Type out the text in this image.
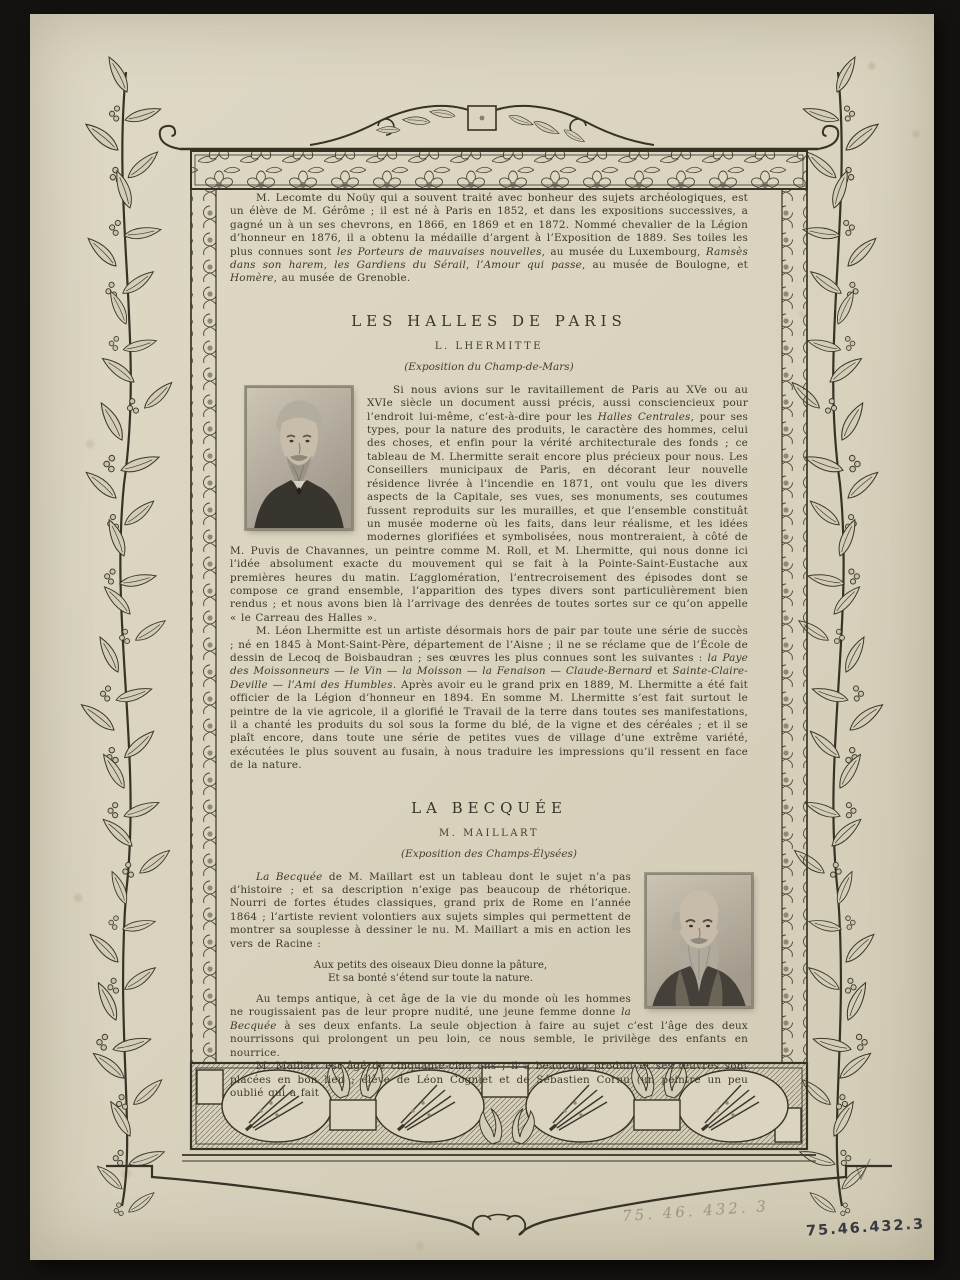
M. Lecomte du Noüy qui a souvent traité avec bonheur des sujets archéologiques, est un élève de M. Gérôme ; il est né à Paris en 1852, et dans les expositions successives, a gagné un à un ses chevrons, en 1866, en 1869 et en 1872. Nommé chevalier de la Légion d’honneur en 1876, il a obtenu la médaille d’argent à l’Exposition de 1889. Ses toiles les plus connues sont les Porteurs de mauvaises nouvelles, au musée du Luxembourg, Ramsès dans son harem, les Gardiens du Sérail, l’Amour qui passe, au musée de Boulogne, et Homère, au musée de Grenoble.

LES HALLES DE PARIS
L. LHERMITTE
(Exposition du Champ-de-Mars)

Si nous avions sur le ravitaillement de Paris au XVe ou au XVIe siècle un document aussi précis, aussi consciencieux pour l’endroit lui-même, c’est-à-dire pour les Halles Centrales, pour ses types, pour la nature des produits, le caractère des hommes, celui des choses, et enfin pour la vérité architecturale des fonds ; ce tableau de M. Lhermitte serait encore plus précieux pour nous. Les Conseillers municipaux de Paris, en décorant leur nouvelle résidence livrée à l’incendie en 1871, ont voulu que les divers aspects de la Capitale, ses vues, ses monuments, ses coutumes fussent reproduits sur les murailles, et que l’ensemble constituât un musée moderne où les faits, dans leur réalisme, et les idées modernes glorifiées et symbolisées, nous montreraient, à côté de M. Puvis de Chavannes, un peintre comme M. Roll, et M. Lhermitte, qui nous donne ici l’idée absolument exacte du mouvement qui se fait à la Pointe-Saint-Eustache aux premières heures du matin. L’agglomération, l’entrecroisement des épisodes dont se compose ce grand ensemble, l’apparition des types divers sont particulièrement bien rendus ; et nous avons bien là l’arrivage des denrées de toutes sortes sur ce qu’on appelle « le Carreau des Halles ».

M. Léon Lhermitte est un artiste désormais hors de pair par toute une série de succès ; né en 1845 à Mont-Saint-Père, département de l’Aisne ; il ne se réclame que de l’École de dessin de Lecoq de Boisbaudran ; ses œuvres les plus connues sont les suivantes : la Paye des Moissonneurs — le Vin — la Moisson — la Fenaison — Claude-Bernard et Sainte-Claire-Deville — l’Ami des Humbles. Après avoir eu le grand prix en 1889, M. Lhermitte a été fait officier de la Légion d’honneur en 1894. En somme M. Lhermitte s’est fait surtout le peintre de la vie agricole, il a glorifié le Travail de la terre dans toutes ses manifestations, il a chanté les produits du sol sous la forme du blé, de la vigne et des céréales ; et il se plaît encore, dans toute une série de petites vues de village d’une extrême variété, exécutées le plus souvent au fusain, à nous traduire les impressions qu’il ressent en face de la nature.

LA BECQUÉE
M. MAILLART
(Exposition des Champs-Élysées)

La Becquée de M. Maillart est un tableau dont le sujet n’a pas d’histoire ; et sa description n’exige pas beaucoup de rhétorique. Nourri de fortes études classiques, grand prix de Rome en l’année 1864 ; l’artiste revient volontiers aux sujets simples qui permettent de montrer sa souplesse à dessiner le nu. M. Maillart a mis en action les vers de Racine :

Aux petits des oiseaux Dieu donne la pâture,
Et sa bonté s’étend sur toute la nature.

Au temps antique, à cet âge de la vie du monde où les hommes ne rougissaient pas de leur propre nudité, une jeune femme donne la Becquée à ses deux enfants. La seule objection à faire au sujet c’est l’âge des deux nourrissons qui prolongent un peu loin, ce nous semble, le privilège des enfants en nourrice.

M. Maillart est âgé de cinquante-cinq ans ; il a beaucoup produit et ses œuvres sont placées en bon lieu ; élève de Léon Cogniet et de Sébastien Cornu (un peintre un peu oublié qui a fait

75. 46. 432. 3
75.46.432.3
